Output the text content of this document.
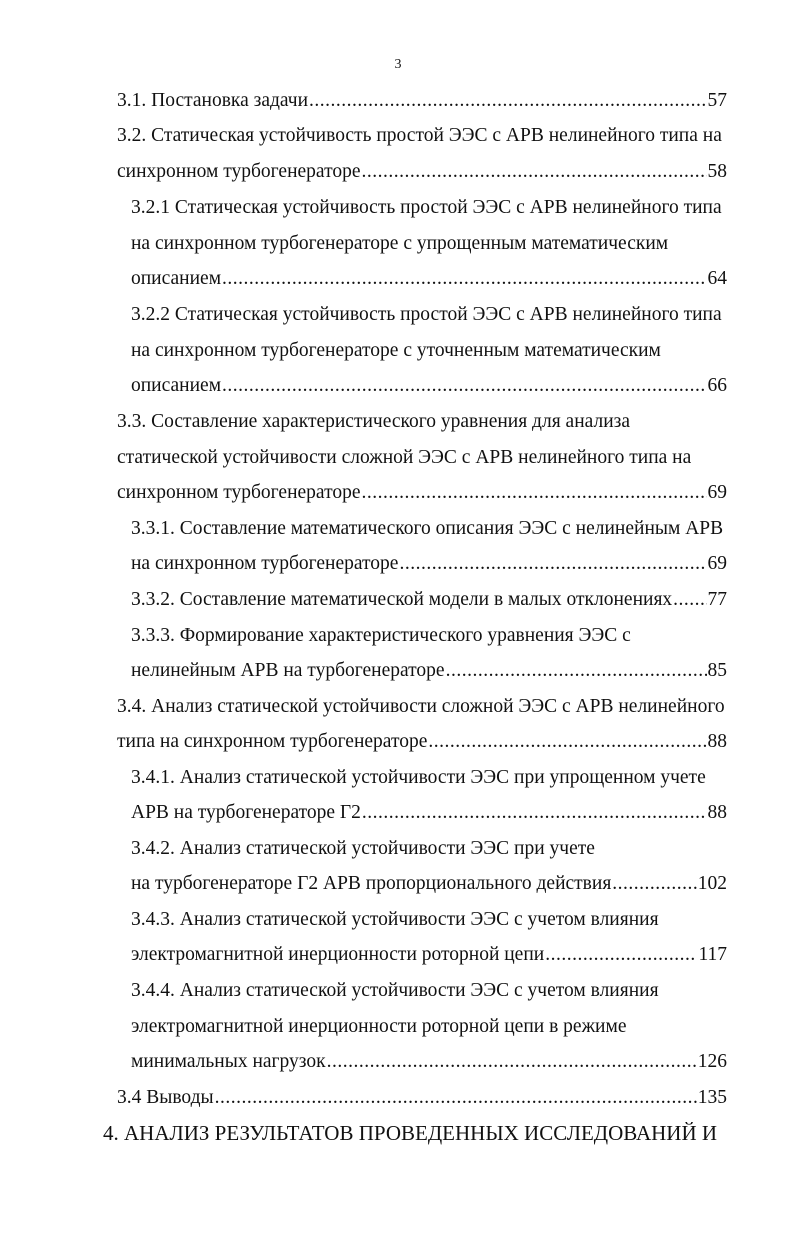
3
3.1. Постановка задачи .....	57
3.2. Статическая устойчивость простой ЭЭС с АРВ нелинейного типа на
синхронном турбогенераторе .....	58
3.2.1 Статическая устойчивость простой ЭЭС с АРВ нелинейного типа
на синхронном турбогенераторе с упрощенным математическим
описанием .....	64
3.2.2 Статическая устойчивость простой ЭЭС с АРВ нелинейного типа
на синхронном турбогенераторе с уточненным математическим
описанием .....	66
3.3. Составление характеристического уравнения для анализа
статической устойчивости сложной ЭЭС с АРВ нелинейного типа на
синхронном турбогенераторе .....	69
3.3.1. Составление математического описания ЭЭС с нелинейным АРВ
на синхронном турбогенераторе .....	69
3.3.2. Составление математической модели в малых отклонениях ..... 77
3.3.3. Формирование характеристического уравнения ЭЭС с
нелинейным АРВ на турбогенераторе .....	85
3.4. Анализ статической устойчивости сложной ЭЭС с АРВ нелинейного
типа на синхронном турбогенераторе .....	88
3.4.1. Анализ статической устойчивости ЭЭС при упрощенном учете
АРВ на турбогенераторе Г2 .....	88
3.4.2. Анализ статической устойчивости ЭЭС при учете
на турбогенераторе Г2 АРВ пропорционального действия .....	102
3.4.3. Анализ статической устойчивости ЭЭС с учетом влияния
электромагнитной инерционности роторной цепи .....	117
3.4.4. Анализ статической устойчивости ЭЭС с учетом влияния
электромагнитной инерционности роторной цепи в режиме
минимальных нагрузок .....	126
3.4 Выводы .....	135
4. АНАЛИЗ РЕЗУЛЬТАТОВ ПРОВЕДЕННЫХ ИССЛЕДОВАНИЙ И
